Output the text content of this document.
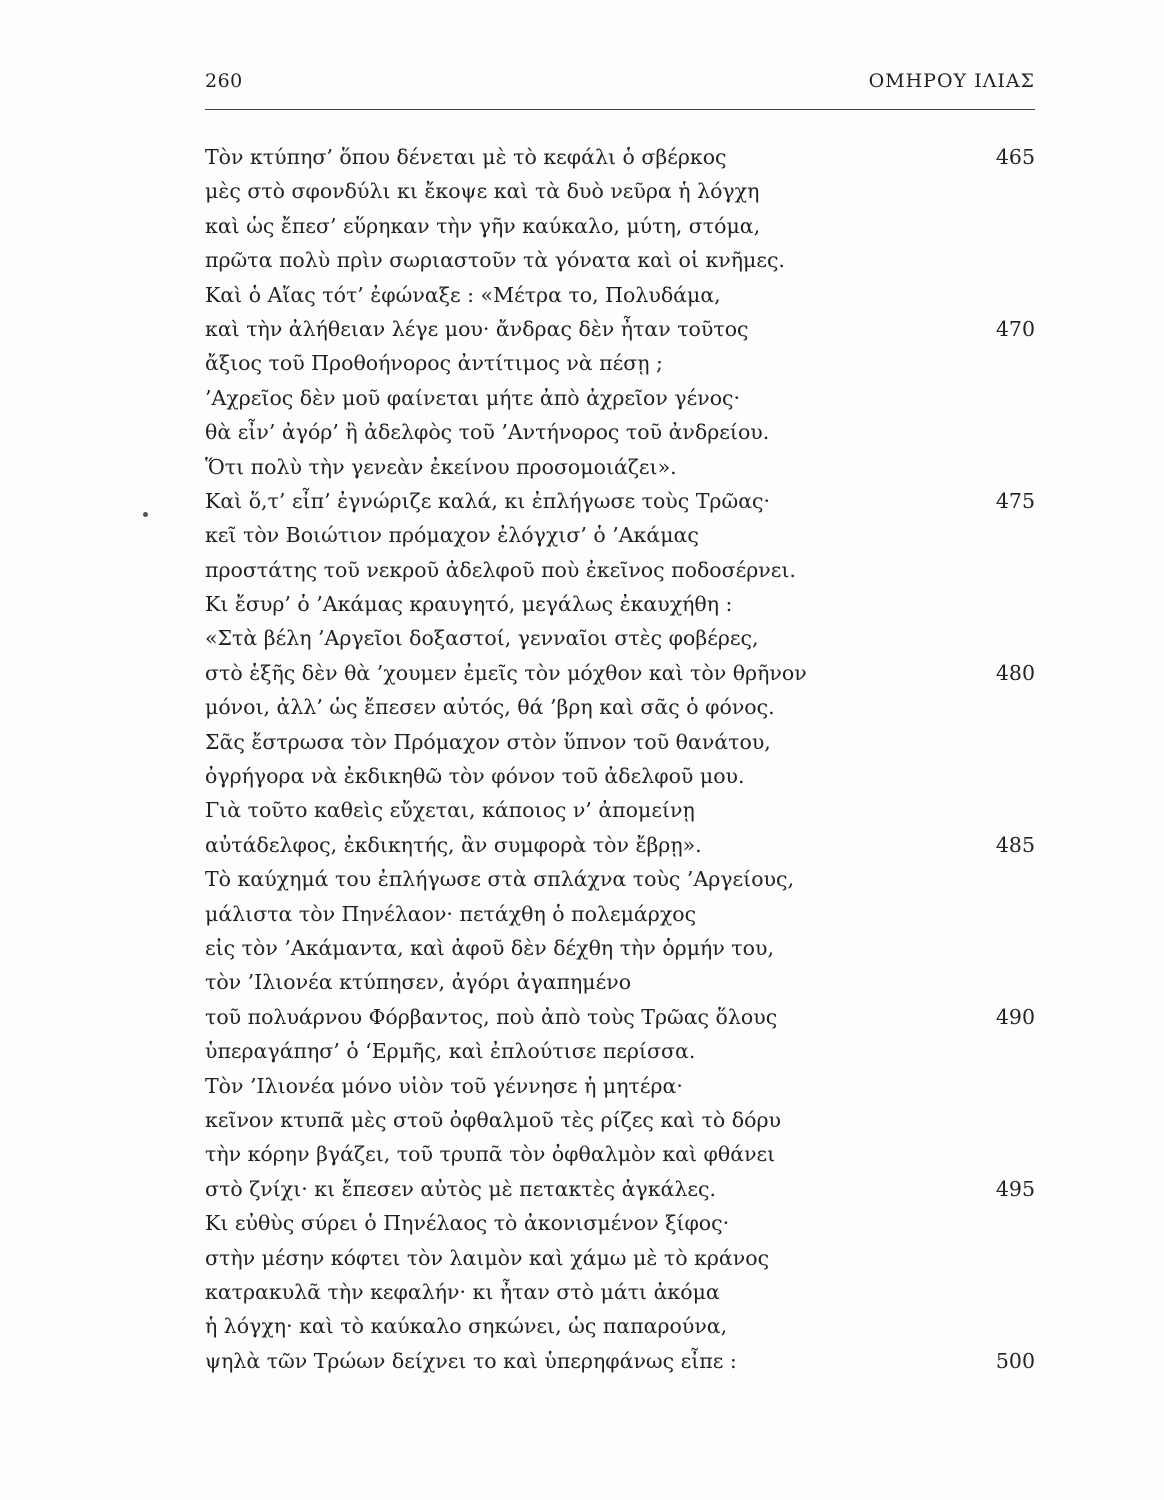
260	ΟΜΗΡΟΥ ΙΛΙΑΣ
Τὸν κτύπησ’ ὅπου δένεται μὲ τὸ κεφάλι ὁ σβέρκος	465
μὲς στὸ σφονδύλι κι ἔκοψε καὶ τὰ δυὸ νεῦρα ἡ λόγχη
καὶ ὡς ἔπεσ’ εὕρηκαν τὴν γῆν καύκαλο, μύτη, στόμα,
πρῶτα πολὺ πρὶν σωριαστοῦν τὰ γόνατα καὶ οἱ κνῆμες.
Καὶ ὁ Αἴας τότ’ ἐφώναξε : «Μέτρα το, Πολυδάμα,
καὶ τὴν ἀλήθειαν λέγε μου· ἄνδρας δὲν ἦταν τοῦτος	470
ἄξιος τοῦ Προθοήνορος ἀντίτιμος νὰ πέσῃ ;
’Αχρεῖος δὲν μοῦ φαίνεται μήτε ἀπὸ ἀχρεῖον γένος·
θὰ εἶν’ ἀγόρ’ ἢ ἀδελφὸς τοῦ ’Αντήνορος τοῦ ἀνδρείου.
Ὅτι πολὺ τὴν γενεὰν ἐκείνου προσομοιάζει».
Καὶ ὅ,τ’ εἶπ’ ἐγνώριζε καλά, κι ἐπλήγωσε τοὺς Τρῶας·	475
κεῖ τὸν Βοιώτιον πρόμαχον ἐλόγχισ’ ὁ ’Ακάμας
προστάτης τοῦ νεκροῦ ἀδελφοῦ ποὺ ἐκεῖνος ποδοσέρνει.
Κι ἔσυρ’ ὁ ’Ακάμας κραυγητό, μεγάλως ἐκαυχήθη :
«Στὰ βέλη ’Αργεῖοι δοξαστοί, γενναῖοι στὲς φοβέρες,
στὸ ἑξῆς δὲν θὰ ’χουμεν ἐμεῖς τὸν μόχθον καὶ τὸν θρῆνον	480
μόνοι, ἀλλ’ ὡς ἔπεσεν αὐτός, θά ’βρη καὶ σᾶς ὁ φόνος.
Σᾶς ἔστρωσα τὸν Πρόμαχον στὸν ὕπνον τοῦ θανάτου,
ὀγρήγορα νὰ ἐκδικηθῶ τὸν φόνον τοῦ ἀδελφοῦ μου.
Γιὰ τοῦτο καθεὶς εὔχεται, κάποιος ν’ ἀπομείνῃ
αὐτάδελφος, ἐκδικητής, ἂν συμφορὰ τὸν ἔβρῃ».	485
Τὸ καύχημά του ἐπλήγωσε στὰ σπλάχνα τοὺς ’Αργείους,
μάλιστα τὸν Πηνέλαον· πετάχθη ὁ πολεμάρχος
εἰς τὸν ’Ακάμαντα, καὶ ἀφοῦ δὲν δέχθη τὴν ὁρμήν του,
τὸν ’Ιλιονέα κτύπησεν, ἀγόρι ἀγαπημένο
τοῦ πολυάρνου Φόρβαντος, ποὺ ἀπὸ τοὺς Τρῶας ὅλους	490
ὑπεραγάπησ’ ὁ ‘Ερμῆς, καὶ ἐπλούτισε περίσσα.
Τὸν ’Ιλιονέα μόνο υἱὸν τοῦ γέννησε ἡ μητέρα·
κεῖνον κτυπᾶ μὲς στοῦ ὀφθαλμοῦ τὲς ρίζες καὶ τὸ δόρυ
τὴν κόρην βγάζει, τοῦ τρυπᾶ τὸν ὀφθαλμὸν καὶ φθάνει
στὸ ζνίχι· κι ἔπεσεν αὐτὸς μὲ πετακτὲς ἀγκάλες.	495
Κι εὐθὺς σύρει ὁ Πηνέλαος τὸ ἀκονισμένον ξίφος·
στὴν μέσην κόφτει τὸν λαιμὸν καὶ χάμω μὲ τὸ κράνος
κατρακυλᾶ τὴν κεφαλήν· κι ἦταν στὸ μάτι ἀκόμα
ἡ λόγχη· καὶ τὸ καύκαλο σηκώνει, ὡς παπαρούνα,
ψηλὰ τῶν Τρώων δείχνει το καὶ ὑπερηφάνως εἶπε :	500
